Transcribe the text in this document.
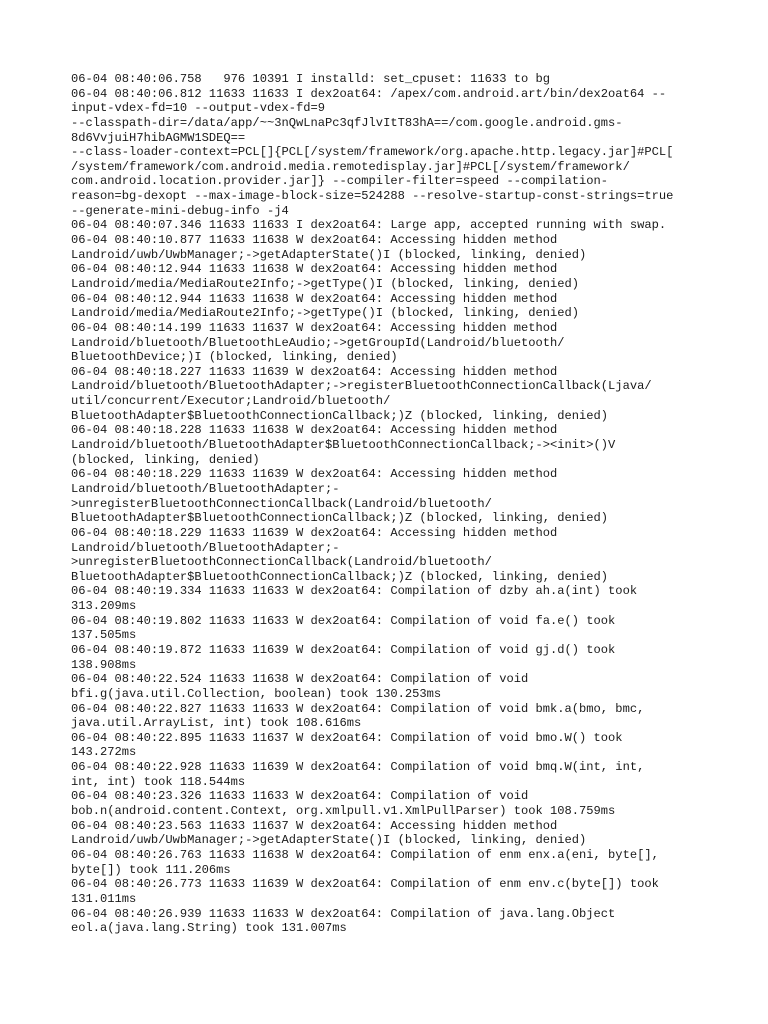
06-04 08:40:06.758   976 10391 I installd: set_cpuset: 11633 to bg
06-04 08:40:06.812 11633 11633 I dex2oat64: /apex/com.android.art/bin/dex2oat64 --
input-vdex-fd=10 --output-vdex-fd=9
--classpath-dir=/data/app/~~3nQwLnaPc3qfJlvItT83hA==/com.google.android.gms-
8d6VvjuiH7hibAGMW1SDEQ==
--class-loader-context=PCL[]{PCL[/system/framework/org.apache.http.legacy.jar]#PCL[
/system/framework/com.android.media.remotedisplay.jar]#PCL[/system/framework/
com.android.location.provider.jar]} --compiler-filter=speed --compilation-
reason=bg-dexopt --max-image-block-size=524288 --resolve-startup-const-strings=true
--generate-mini-debug-info -j4
06-04 08:40:07.346 11633 11633 I dex2oat64: Large app, accepted running with swap.
06-04 08:40:10.877 11633 11638 W dex2oat64: Accessing hidden method
Landroid/uwb/UwbManager;->getAdapterState()I (blocked, linking, denied)
06-04 08:40:12.944 11633 11638 W dex2oat64: Accessing hidden method
Landroid/media/MediaRoute2Info;->getType()I (blocked, linking, denied)
06-04 08:40:12.944 11633 11638 W dex2oat64: Accessing hidden method
Landroid/media/MediaRoute2Info;->getType()I (blocked, linking, denied)
06-04 08:40:14.199 11633 11637 W dex2oat64: Accessing hidden method
Landroid/bluetooth/BluetoothLeAudio;->getGroupId(Landroid/bluetooth/
BluetoothDevice;)I (blocked, linking, denied)
06-04 08:40:18.227 11633 11639 W dex2oat64: Accessing hidden method
Landroid/bluetooth/BluetoothAdapter;->registerBluetoothConnectionCallback(Ljava/
util/concurrent/Executor;Landroid/bluetooth/
BluetoothAdapter$BluetoothConnectionCallback;)Z (blocked, linking, denied)
06-04 08:40:18.228 11633 11638 W dex2oat64: Accessing hidden method
Landroid/bluetooth/BluetoothAdapter$BluetoothConnectionCallback;-><init>()V
(blocked, linking, denied)
06-04 08:40:18.229 11633 11639 W dex2oat64: Accessing hidden method
Landroid/bluetooth/BluetoothAdapter;-
>unregisterBluetoothConnectionCallback(Landroid/bluetooth/
BluetoothAdapter$BluetoothConnectionCallback;)Z (blocked, linking, denied)
06-04 08:40:18.229 11633 11639 W dex2oat64: Accessing hidden method
Landroid/bluetooth/BluetoothAdapter;-
>unregisterBluetoothConnectionCallback(Landroid/bluetooth/
BluetoothAdapter$BluetoothConnectionCallback;)Z (blocked, linking, denied)
06-04 08:40:19.334 11633 11633 W dex2oat64: Compilation of dzby ah.a(int) took
313.209ms
06-04 08:40:19.802 11633 11633 W dex2oat64: Compilation of void fa.e() took
137.505ms
06-04 08:40:19.872 11633 11639 W dex2oat64: Compilation of void gj.d() took
138.908ms
06-04 08:40:22.524 11633 11638 W dex2oat64: Compilation of void
bfi.g(java.util.Collection, boolean) took 130.253ms
06-04 08:40:22.827 11633 11633 W dex2oat64: Compilation of void bmk.a(bmo, bmc,
java.util.ArrayList, int) took 108.616ms
06-04 08:40:22.895 11633 11637 W dex2oat64: Compilation of void bmo.W() took
143.272ms
06-04 08:40:22.928 11633 11639 W dex2oat64: Compilation of void bmq.W(int, int,
int, int) took 118.544ms
06-04 08:40:23.326 11633 11633 W dex2oat64: Compilation of void
bob.n(android.content.Context, org.xmlpull.v1.XmlPullParser) took 108.759ms
06-04 08:40:23.563 11633 11637 W dex2oat64: Accessing hidden method
Landroid/uwb/UwbManager;->getAdapterState()I (blocked, linking, denied)
06-04 08:40:26.763 11633 11638 W dex2oat64: Compilation of enm enx.a(eni, byte[],
byte[]) took 111.206ms
06-04 08:40:26.773 11633 11639 W dex2oat64: Compilation of enm env.c(byte[]) took
131.011ms
06-04 08:40:26.939 11633 11633 W dex2oat64: Compilation of java.lang.Object
eol.a(java.lang.String) took 131.007ms
